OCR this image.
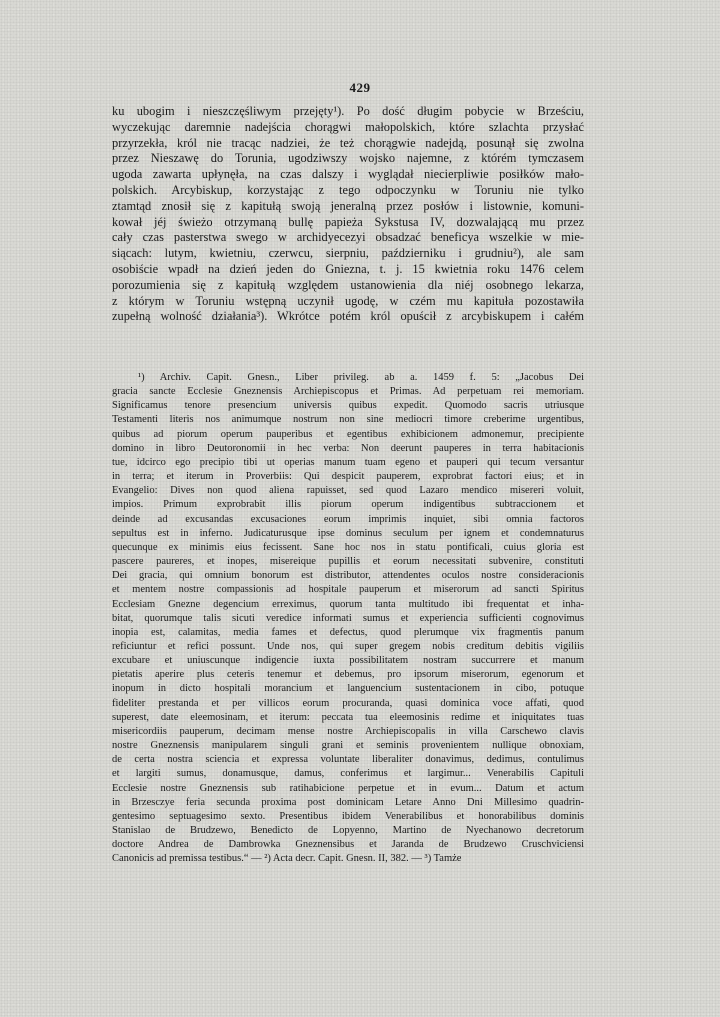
429
ku ubogim i nieszczęśliwym przejęty¹). Po dość długim pobycie w Brześciu,
wyczekując daremnie nadejścia chorągwi małopolskich, które szlachta przysłać
przyrzekła, król nie tracąc nadziei, że też chorągwie nadejdą, posunął się zwolna
przez Nieszawę do Torunia, ugodziwszy wojsko najemne, z którém tymczasem
ugoda zawarta upłynęła, na czas dalszy i wyglądał niecierpliwie posiłków mało-
polskich. Arcybiskup, korzystając z tego odpoczynku w Toruniu nie tylko
ztamtąd znosił się z kapitułą swoją jeneralną przez posłów i listownie, komuni-
kował jéj świeżo otrzymaną bullę papieża Sykstusa IV, dozwalającą mu przez
cały czas pasterstwa swego w archidyecezyi obsadzać beneficya wszelkie w mie-
siącach: lutym, kwietniu, czerwcu, sierpniu, październiku i grudniu²), ale sam
osobiście wpadł na dzień jeden do Gniezna, t. j. 15 kwietnia roku 1476 celem
porozumienia się z kapitułą względem ustanowienia dla niéj osobnego lekarza,
z którym w Toruniu wstępną uczynił ugodę, w czém mu kapituła pozostawiła
zupełną wolność działania³). Wkrótce potém król opuścił z arcybiskupem i całém
¹) Archiv. Capit. Gnesn., Liber privileg. ab a. 1459 f. 5: „Jacobus Dei
gracia sancte Ecclesie Gneznensis Archiepiscopus et Primas. Ad perpetuam rei memoriam.
Significamus tenore presencium universis quibus expedit. Quomodo sacris utriusque
Testamenti literis nos animumque nostrum non sine mediocri timore creberime urgentibus,
quibus ad piorum operum pauperibus et egentibus exhibicionem admonemur, precipiente
domino in libro Deutoronomii in hec verba: Non deerunt pauperes in terra habitacionis
tue, idcirco ego precipio tibi ut operias manum tuam egeno et pauperi qui tecum versantur
in terra; et iterum in Proverbiis: Qui despicit pauperem, exprobrat factori eius; et in
Evangelio: Dives non quod aliena rapuisset, sed quod Lazaro mendico misereri voluit,
impios. Primum exprobrabit illis piorum operum indigentibus subtraccionem et
deinde ad excusandas excusaciones eorum imprimis inquiet, sibi omnia factoros
sepultus est in inferno. Judicaturusque ipse dominus seculum per ignem et condemnaturus
quecunque ex minimis eius fecissent. Sane hoc nos in statu pontificali, cuius gloria est
pascere paureres, et inopes, misereique pupillis et eorum necessitati subvenire, constituti
Dei gracia, qui omnium bonorum est distributor, attendentes oculos nostre consideracionis
et mentem nostre compassionis ad hospitale pauperum et miserorum ad sancti Spiritus
Ecclesiam Gnezne degencium erreximus, quorum tanta multitudo ibi frequentat et inha-
bitat, quorumque talis sicuti veredice informati sumus et experiencia sufficienti cognovimus
inopia est, calamitas, media fames et defectus, quod plerumque vix fragmentis panum
reficiuntur et refici possunt. Unde nos, qui super gregem nobis creditum debitis vigiliis
excubare et uniuscunque indigencie iuxta possibilitatem nostram succurrere et manum
pietatis aperire plus ceteris tenemur et debemus, pro ipsorum miserorum, egenorum et
inopum in dicto hospitali morancium et languencium sustentacionem in cibo, potuque
fideliter prestanda et per villicos eorum procuranda, quasi dominica voce affati, quod
superest, date eleemosinam, et iterum: peccata tua eleemosinis redime et iniquitates tuas
misericordiis pauperum, decimam mense nostre Archiepiscopalis in villa Carschewo clavis
nostre Gneznensis manipularem singuli grani et seminis provenientem nullique obnoxiam,
de certa nostra sciencia et expressa voluntate liberaliter donavimus, dedimus, contulimus
et largiti sumus, donamusque, damus, conferimus et largimur... Venerabilis Capituli
Ecclesie nostre Gneznensis sub ratihabicione perpetue et in evum... Datum et actum
in Brzesczye feria secunda proxima post dominicam Letare Anno Dni Millesimo quadrin-
gentesimo septuagesimo sexto. Presentibus ibidem Venerabilibus et honorabilibus dominis
Stanislao de Brudzewo, Benedicto de Lopyenno, Martino de Nyechanowo decretorum
doctore Andrea de Dambrowka Gneznensibus et Jaranda de Brudzewo Cruschviciensi
Canonicis ad premissa testibus.“ — ²) Acta decr. Capit. Gnesn. II, 382. — ³) Tamże
